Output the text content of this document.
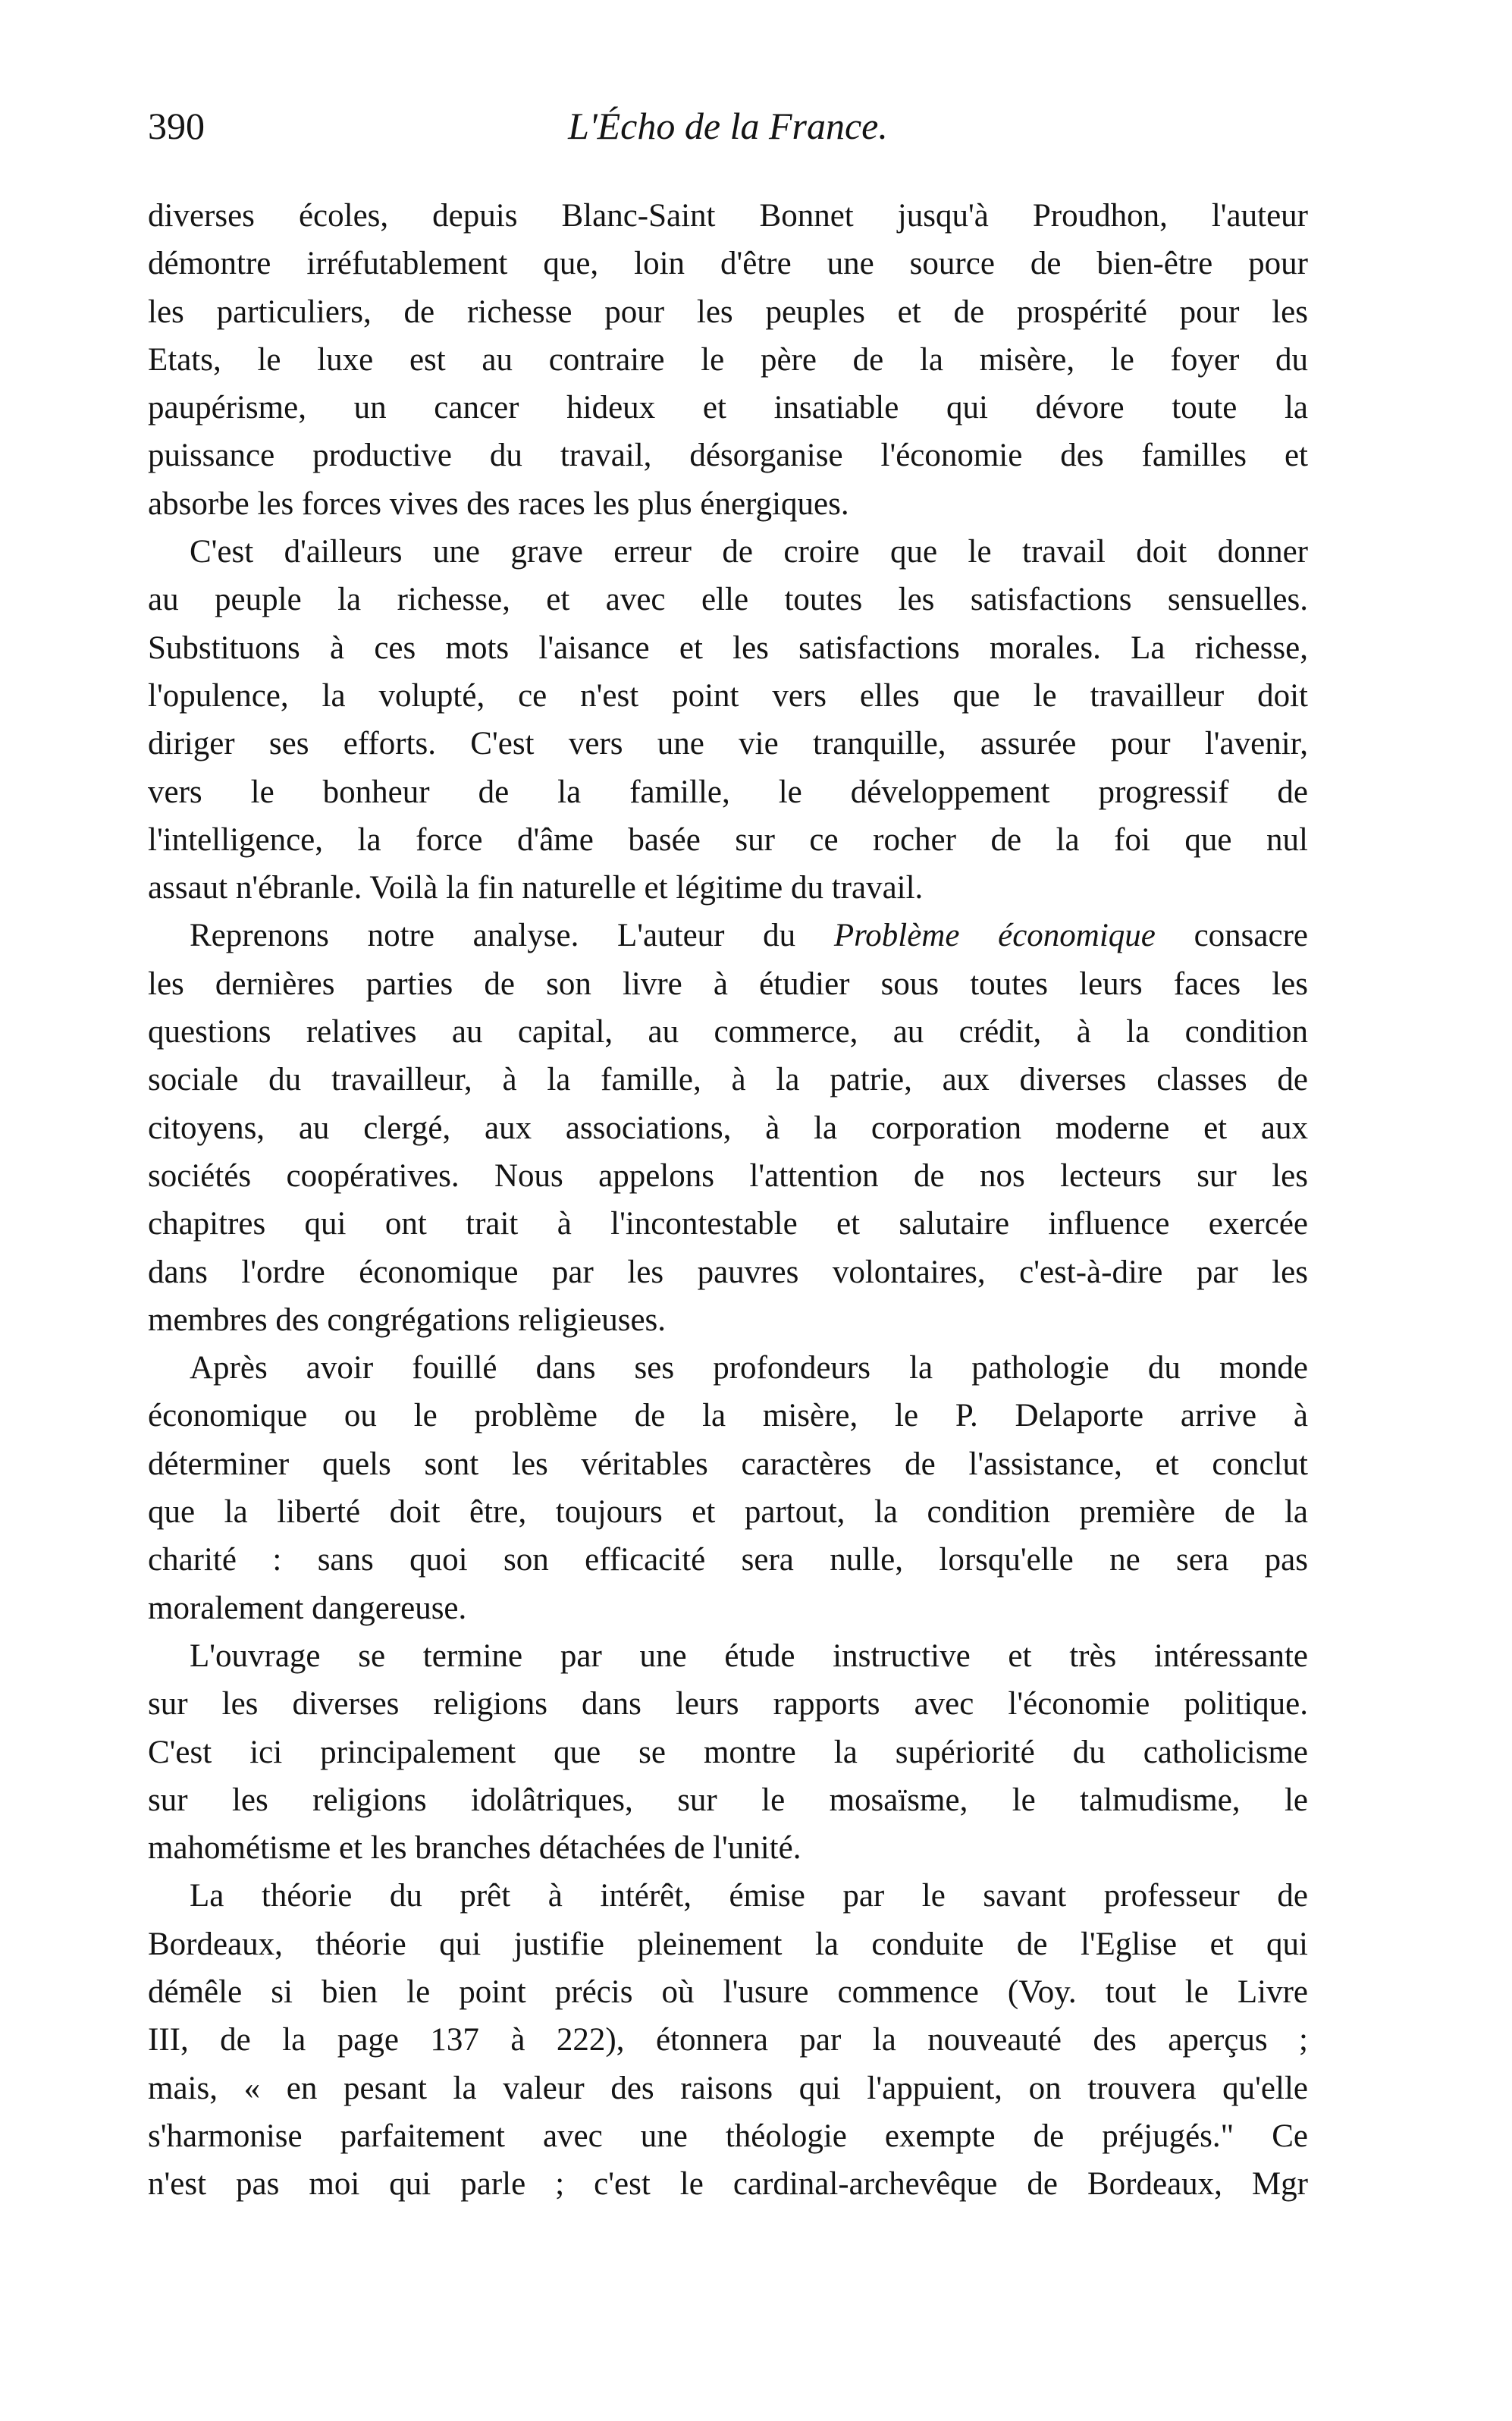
390	L'Écho de la France.
diverses écoles, depuis Blanc-Saint Bonnet jusqu'à Proudhon, l'auteur
démontre irréfutablement que, loin d'être une source de bien-être pour
les particuliers, de richesse pour les peuples et de prospérité pour les
Etats, le luxe est au contraire le père de la misère, le foyer du
paupérisme, un cancer hideux et insatiable qui dévore toute la
puissance productive du travail, désorganise l'économie des familles et
absorbe les forces vives des races les plus énergiques.
C'est d'ailleurs une grave erreur de croire que le travail doit donner
au peuple la richesse, et avec elle toutes les satisfactions sensuelles.
Substituons à ces mots l'aisance et les satisfactions morales. La richesse,
l'opulence, la volupté, ce n'est point vers elles que le travailleur doit
diriger ses efforts. C'est vers une vie tranquille, assurée pour l'avenir,
vers le bonheur de la famille, le développement progressif de
l'intelligence, la force d'âme basée sur ce rocher de la foi que nul
assaut n'ébranle. Voilà la fin naturelle et légitime du travail.
Reprenons notre analyse. L'auteur du Problème économique consacre
les dernières parties de son livre à étudier sous toutes leurs faces les
questions relatives au capital, au commerce, au crédit, à la condition
sociale du travailleur, à la famille, à la patrie, aux diverses classes de
citoyens, au clergé, aux associations, à la corporation moderne et aux
sociétés coopératives. Nous appelons l'attention de nos lecteurs sur les
chapitres qui ont trait à l'incontestable et salutaire influence exercée
dans l'ordre économique par les pauvres volontaires, c'est-à-dire par les
membres des congrégations religieuses.
Après avoir fouillé dans ses profondeurs la pathologie du monde
économique ou le problème de la misère, le P. Delaporte arrive à
déterminer quels sont les véritables caractères de l'assistance, et conclut
que la liberté doit être, toujours et partout, la condition première de la
charité : sans quoi son efficacité sera nulle, lorsqu'elle ne sera pas
moralement dangereuse.
L'ouvrage se termine par une étude instructive et très intéressante
sur les diverses religions dans leurs rapports avec l'économie politique.
C'est ici principalement que se montre la supériorité du catholicisme
sur les religions idolâtriques, sur le mosaïsme, le talmudisme, le
mahométisme et les branches détachées de l'unité.
La théorie du prêt à intérêt, émise par le savant professeur de
Bordeaux, théorie qui justifie pleinement la conduite de l'Eglise et qui
démêle si bien le point précis où l'usure commence (Voy. tout le Livre
III, de la page 137 à 222), étonnera par la nouveauté des aperçus ;
mais, « en pesant la valeur des raisons qui l'appuient, on trouvera qu'elle
s'harmonise parfaitement avec une théologie exempte de préjugés." Ce
n'est pas moi qui parle ; c'est le cardinal-archevêque de Bordeaux, Mgr
